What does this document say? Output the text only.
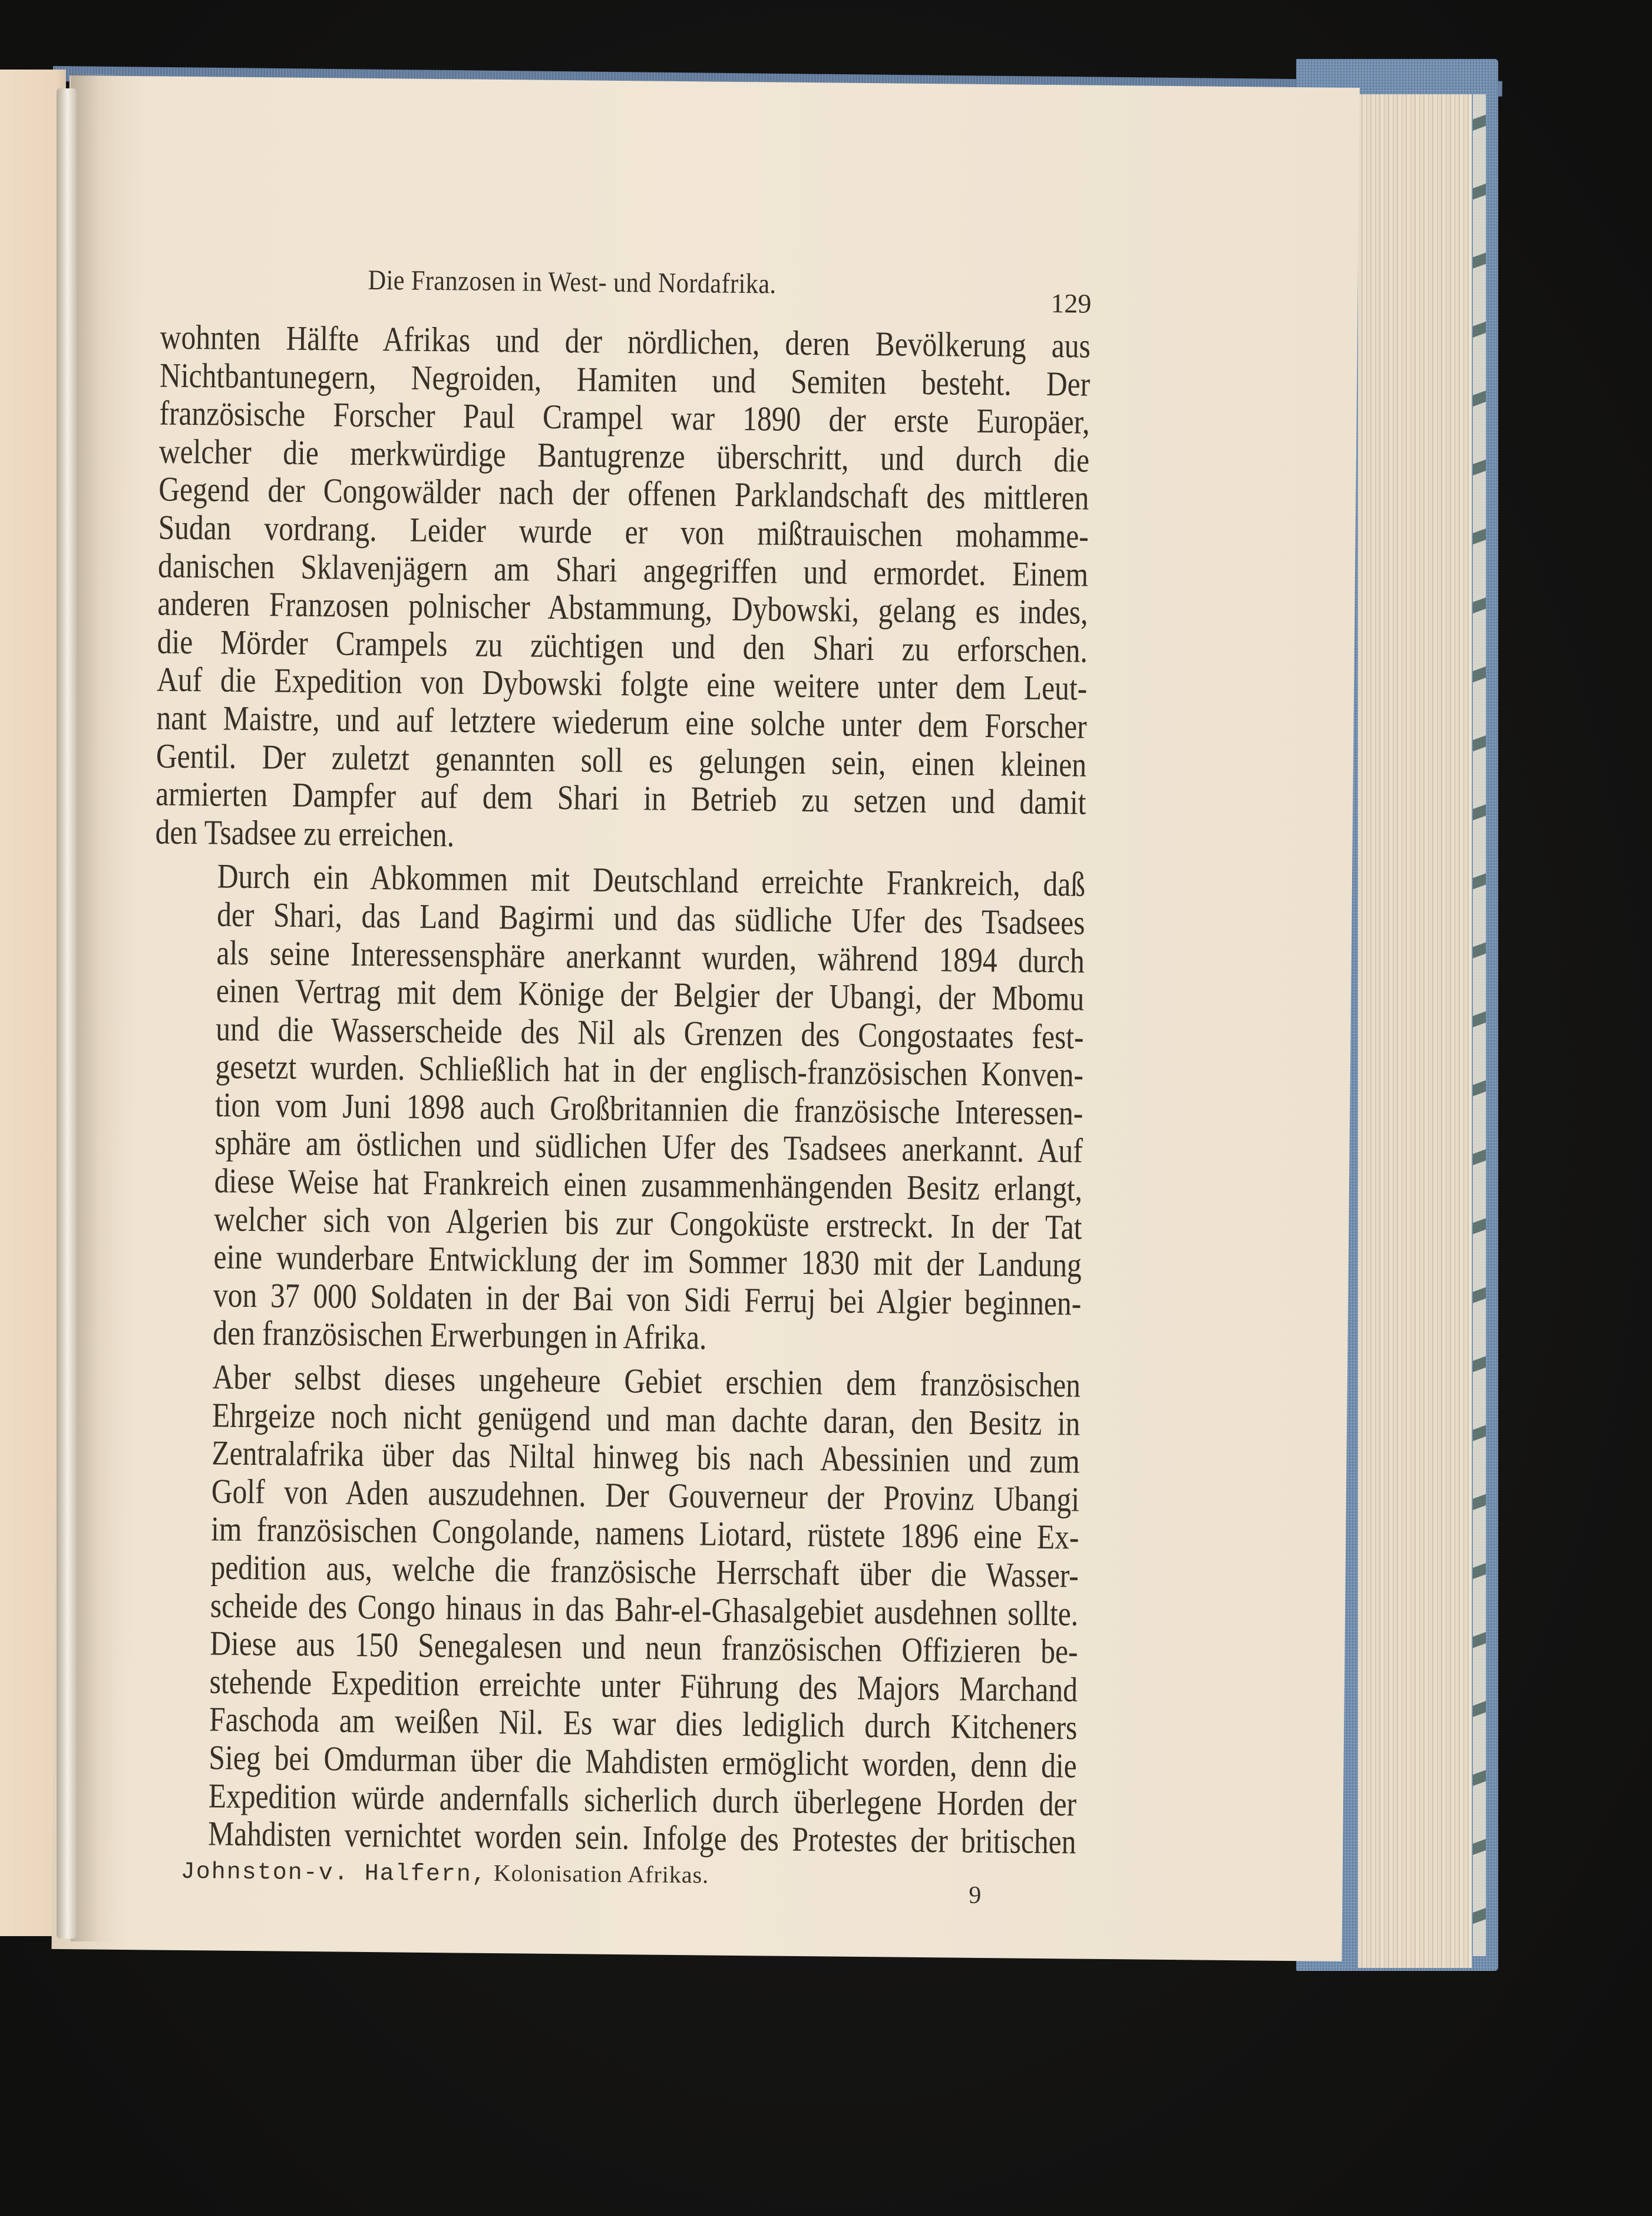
Die Franzosen in West- und Nordafrika.
129

wohnten Hälfte Afrikas und der nördlichen, deren Bevölkerung aus
Nichtbantunegern, Negroiden, Hamiten und Semiten besteht. Der
französische Forscher Paul Crampel war 1890 der erste Europäer,
welcher die merkwürdige Bantugrenze überschritt, und durch die
Gegend der Congowälder nach der offenen Parklandschaft des mittleren
Sudan vordrang. Leider wurde er von mißtrauischen mohamme-
danischen Sklavenjägern am Shari angegriffen und ermordet. Einem
anderen Franzosen polnischer Abstammung, Dybowski, gelang es indes,
die Mörder Crampels zu züchtigen und den Shari zu erforschen.
Auf die Expedition von Dybowski folgte eine weitere unter dem Leut-
nant Maistre, und auf letztere wiederum eine solche unter dem Forscher
Gentil. Der zuletzt genannten soll es gelungen sein, einen kleinen
armierten Dampfer auf dem Shari in Betrieb zu setzen und damit
den Tsadsee zu erreichen.

Durch ein Abkommen mit Deutschland erreichte Frankreich, daß
der Shari, das Land Bagirmi und das südliche Ufer des Tsadsees
als seine Interessensphäre anerkannt wurden, während 1894 durch
einen Vertrag mit dem Könige der Belgier der Ubangi, der Mbomu
und die Wasserscheide des Nil als Grenzen des Congostaates fest-
gesetzt wurden. Schließlich hat in der englisch-französischen Konven-
tion vom Juni 1898 auch Großbritannien die französische Interessen-
sphäre am östlichen und südlichen Ufer des Tsadsees anerkannt. Auf
diese Weise hat Frankreich einen zusammenhängenden Besitz erlangt,
welcher sich von Algerien bis zur Congoküste erstreckt. In der Tat
eine wunderbare Entwicklung der im Sommer 1830 mit der Landung
von 37 000 Soldaten in der Bai von Sidi Ferruj bei Algier beginnen-
den französischen Erwerbungen in Afrika.

Aber selbst dieses ungeheure Gebiet erschien dem französischen
Ehrgeize noch nicht genügend und man dachte daran, den Besitz in
Zentralafrika über das Niltal hinweg bis nach Abessinien und zum
Golf von Aden auszudehnen. Der Gouverneur der Provinz Ubangi
im französischen Congolande, namens Liotard, rüstete 1896 eine Ex-
pedition aus, welche die französische Herrschaft über die Wasser-
scheide des Congo hinaus in das Bahr-el-Ghasalgebiet ausdehnen sollte.
Diese aus 150 Senegalesen und neun französischen Offizieren be-
stehende Expedition erreichte unter Führung des Majors Marchand
Faschoda am weißen Nil. Es war dies lediglich durch Kitcheners
Sieg bei Omdurman über die Mahdisten ermöglicht worden, denn die
Expedition würde andernfalls sicherlich durch überlegene Horden der
Mahdisten vernichtet worden sein. Infolge des Protestes der britischen

Johnston-v. Halfern, Kolonisation Afrikas.
9
